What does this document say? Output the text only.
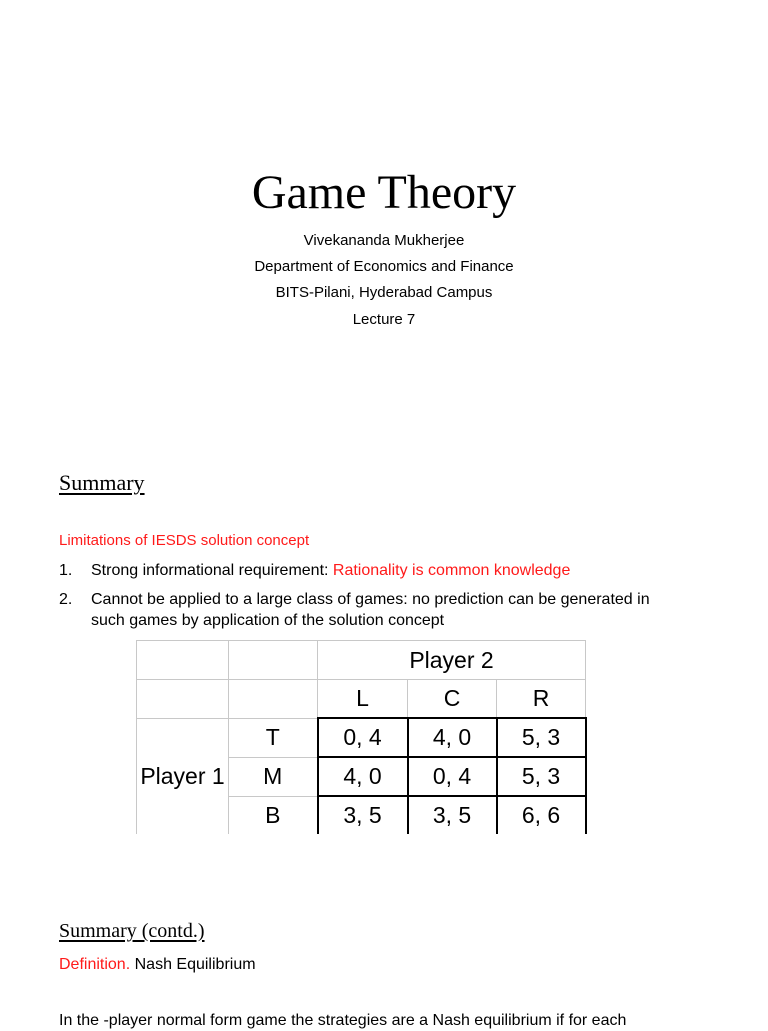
Game Theory
Vivekananda Mukherjee
Department of Economics and Finance
BITS-Pilani, Hyderabad Campus
Lecture 7
Summary
Limitations of IESDS solution concept
1. Strong informational requirement: Rationality is common knowledge
2. Cannot be applied to a large class of games: no prediction can be generated in
such games by application of the solution concept
		Player 2		
		L	C	R
Player 1	T	0, 4	4, 0	5, 3
	M	4, 0	0, 4	5, 3
	B	3, 5	3, 5	6, 6
Summary (contd.)
Definition. Nash Equilibrium
In the -player normal form game the strategies are a Nash equilibrium if for each
